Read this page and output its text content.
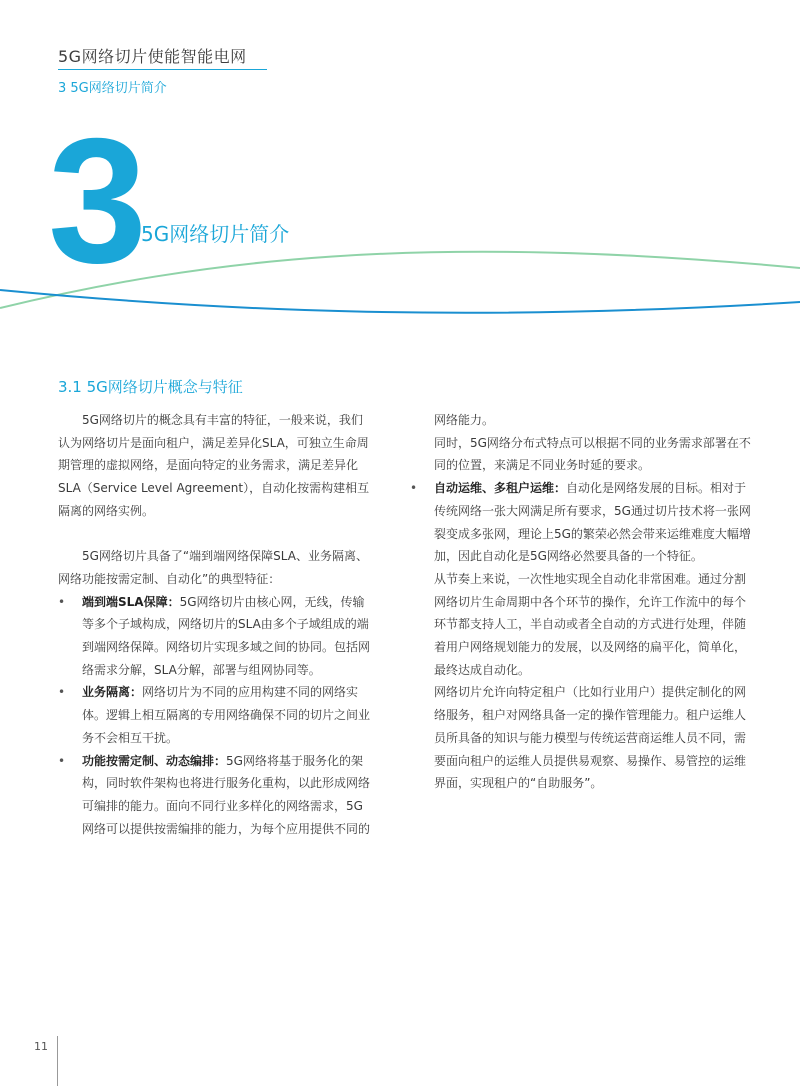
5G网络切片使能智能电网
3 5G网络切片简介
3
5G网络切片简介
3.1 5G网络切片概念与特征

5G网络切片的概念具有丰富的特征，一般来说，我们认为网络切片是面向租户，满足差异化SLA，可独立生命周期管理的虚拟网络，是面向特定的业务需求，满足差异化SLA（Service Level Agreement），自动化按需构建相互隔离的网络实例。

5G网络切片具备了“端到端网络保障SLA、业务隔离、网络功能按需定制、自动化”的典型特征：

• 端到端SLA保障：5G网络切片由核心网，无线，传输等多个子域构成，网络切片的SLA由多个子域组成的端到端网络保障。网络切片实现多域之间的协同。包括网络需求分解，SLA分解，部署与组网协同等。
• 业务隔离：网络切片为不同的应用构建不同的网络实体。逻辑上相互隔离的专用网络确保不同的切片之间业务不会相互干扰。
• 功能按需定制、动态编排：5G网络将基于服务化的架构，同时软件架构也将进行服务化重构，以此形成网络可编排的能力。面向不同行业多样化的网络需求，5G网络可以提供按需编排的能力，为每个应用提供不同的

网络能力。

同时，5G网络分布式特点可以根据不同的业务需求部署在不同的位置，来满足不同业务时延的要求。

• 自动运维、多租户运维：自动化是网络发展的目标。相对于传统网络一张大网满足所有要求，5G通过切片技术将一张网裂变成多张网，理论上5G的繁荣必然会带来运维难度大幅增加，因此自动化是5G网络必然要具备的一个特征。

从节奏上来说，一次性地实现全自动化非常困难。通过分割网络切片生命周期中各个环节的操作，允许工作流中的每个环节都支持人工，半自动或者全自动的方式进行处理，伴随着用户网络规划能力的发展，以及网络的扁平化，简单化，最终达成自动化。

网络切片允许向特定租户（比如行业用户）提供定制化的网络服务，租户对网络具备一定的操作管理能力。租户运维人员所具备的知识与能力模型与传统运营商运维人员不同，需要面向租户的运维人员提供易观察、易操作、易管控的运维界面，实现租户的“自助服务”。

11
